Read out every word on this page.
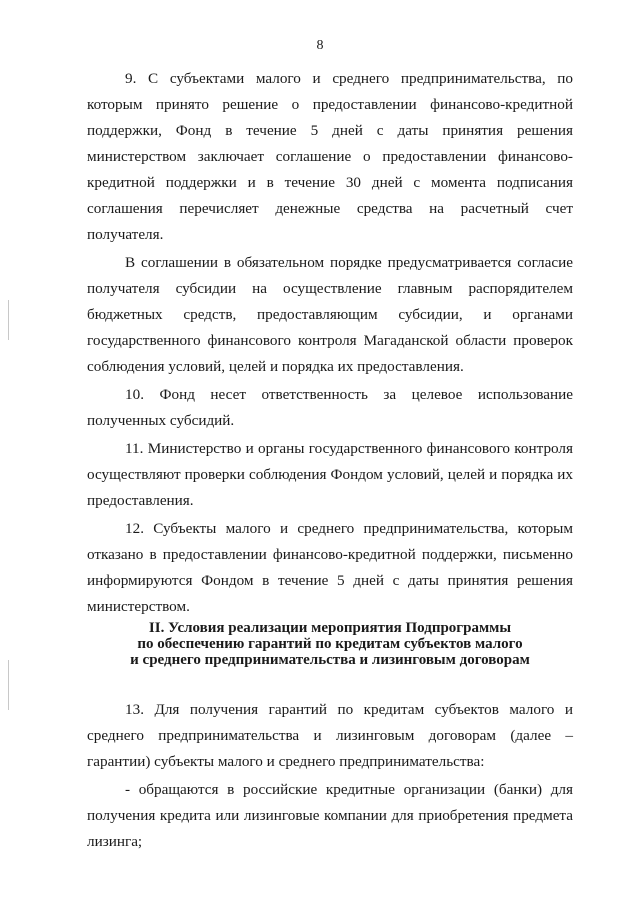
8

9. С субъектами малого и среднего предпринимательства, по которым принято решение о предоставлении финансово-кредитной поддержки, Фонд в течение 5 дней с даты принятия решения министерством заключает соглашение о предоставлении финансово-кредитной поддержки и в течение 30 дней с момента подписания соглашения перечисляет денежные средства на расчетный счет получателя.

В соглашении в обязательном порядке предусматривается согласие получателя субсидии на осуществление главным распорядителем бюджетных средств, предоставляющим субсидии, и органами государственного финансового контроля Магаданской области проверок соблюдения условий, целей и порядка их предоставления.

10. Фонд несет ответственность за целевое использование полученных субсидий.

11. Министерство и органы государственного финансового контроля осуществляют проверки соблюдения Фондом условий, целей и порядка их предоставления.

12. Субъекты малого и среднего предпринимательства, которым отказано в предоставлении финансово-кредитной поддержки, письменно информируются Фондом в течение 5 дней с даты принятия решения министерством.

II. Условия реализации мероприятия Подпрограммы
по обеспечению гарантий по кредитам субъектов малого
и среднего предпринимательства и лизинговым договорам

13. Для получения гарантий по кредитам субъектов малого и среднего предпринимательства и лизинговым договорам (далее – гарантии) субъекты малого и среднего предпринимательства:

- обращаются в российские кредитные организации (банки) для получения кредита или лизинговые компании для приобретения предмета лизинга;
